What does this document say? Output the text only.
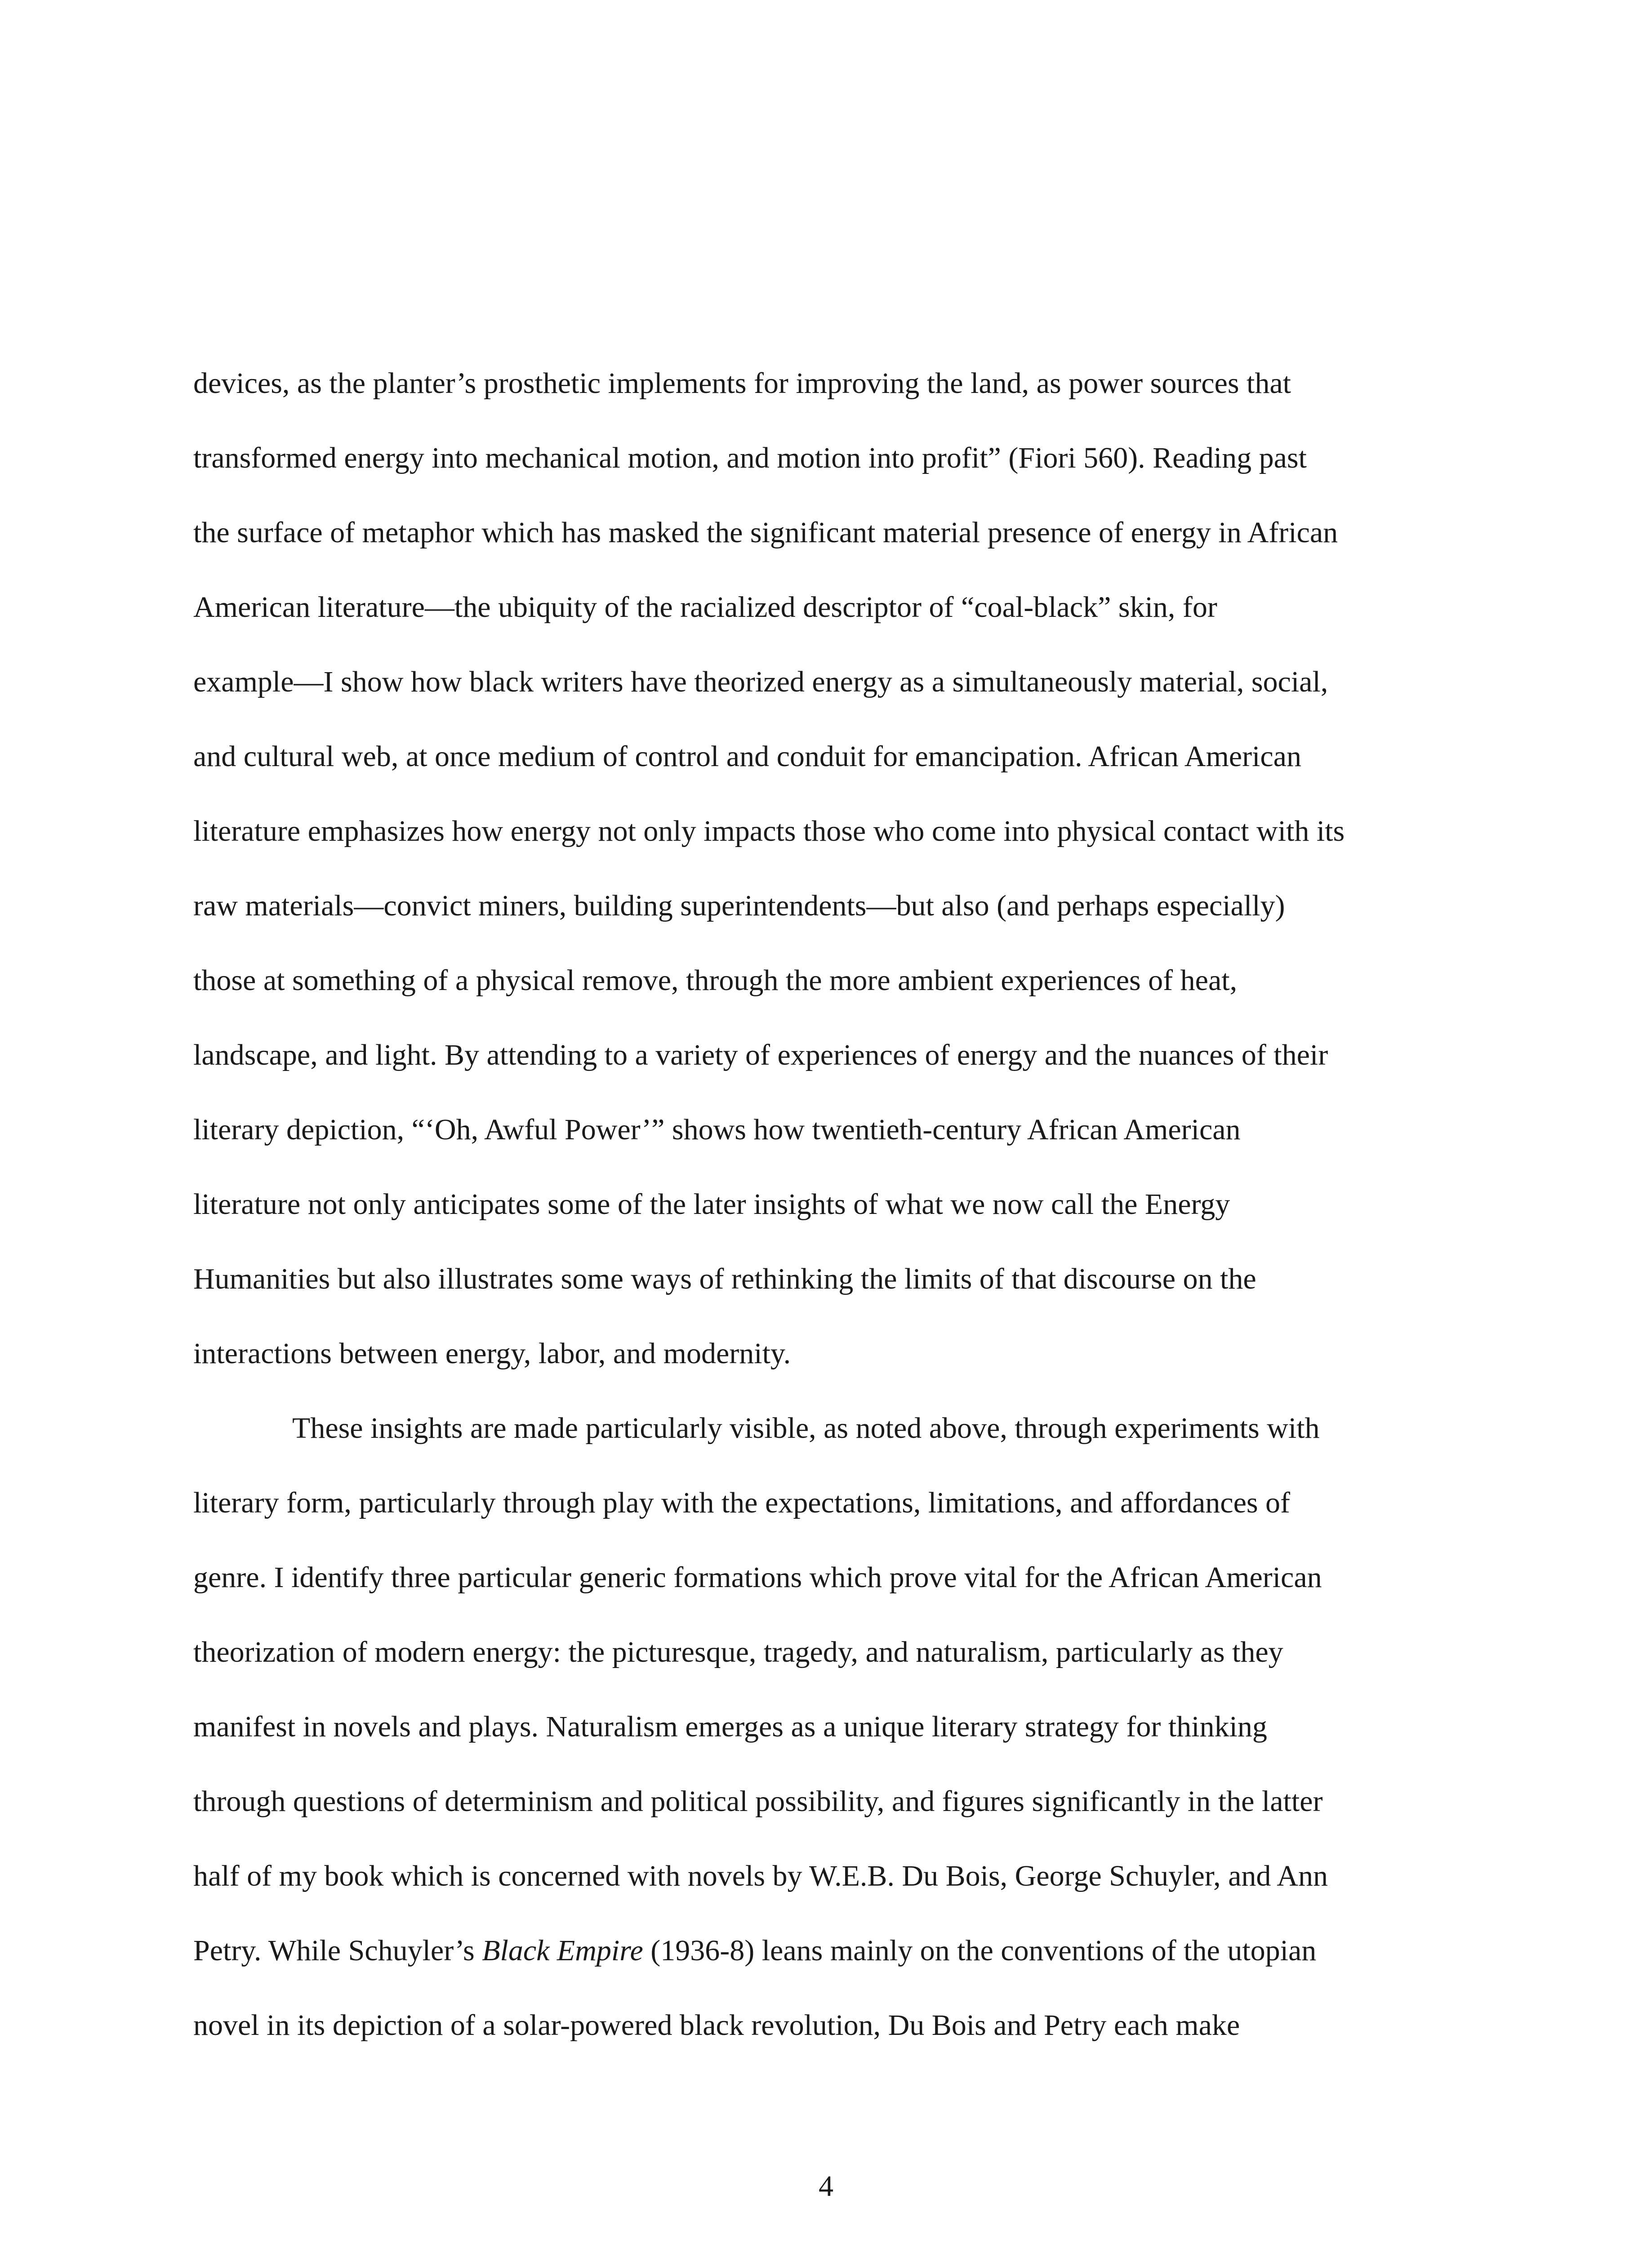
devices, as the planter’s prosthetic implements for improving the land, as power sources that
transformed energy into mechanical motion, and motion into profit” (Fiori 560). Reading past
the surface of metaphor which has masked the significant material presence of energy in African
American literature—the ubiquity of the racialized descriptor of “coal-black” skin, for
example—I show how black writers have theorized energy as a simultaneously material, social,
and cultural web, at once medium of control and conduit for emancipation. African American
literature emphasizes how energy not only impacts those who come into physical contact with its
raw materials—convict miners, building superintendents—but also (and perhaps especially)
those at something of a physical remove, through the more ambient experiences of heat,
landscape, and light. By attending to a variety of experiences of energy and the nuances of their
literary depiction, “‘Oh, Awful Power’” shows how twentieth-century African American
literature not only anticipates some of the later insights of what we now call the Energy
Humanities but also illustrates some ways of rethinking the limits of that discourse on the
interactions between energy, labor, and modernity.
These insights are made particularly visible, as noted above, through experiments with
literary form, particularly through play with the expectations, limitations, and affordances of
genre. I identify three particular generic formations which prove vital for the African American
theorization of modern energy: the picturesque, tragedy, and naturalism, particularly as they
manifest in novels and plays. Naturalism emerges as a unique literary strategy for thinking
through questions of determinism and political possibility, and figures significantly in the latter
half of my book which is concerned with novels by W.E.B. Du Bois, George Schuyler, and Ann
Petry. While Schuyler’s Black Empire (1936-8) leans mainly on the conventions of the utopian
novel in its depiction of a solar-powered black revolution, Du Bois and Petry each make
4
